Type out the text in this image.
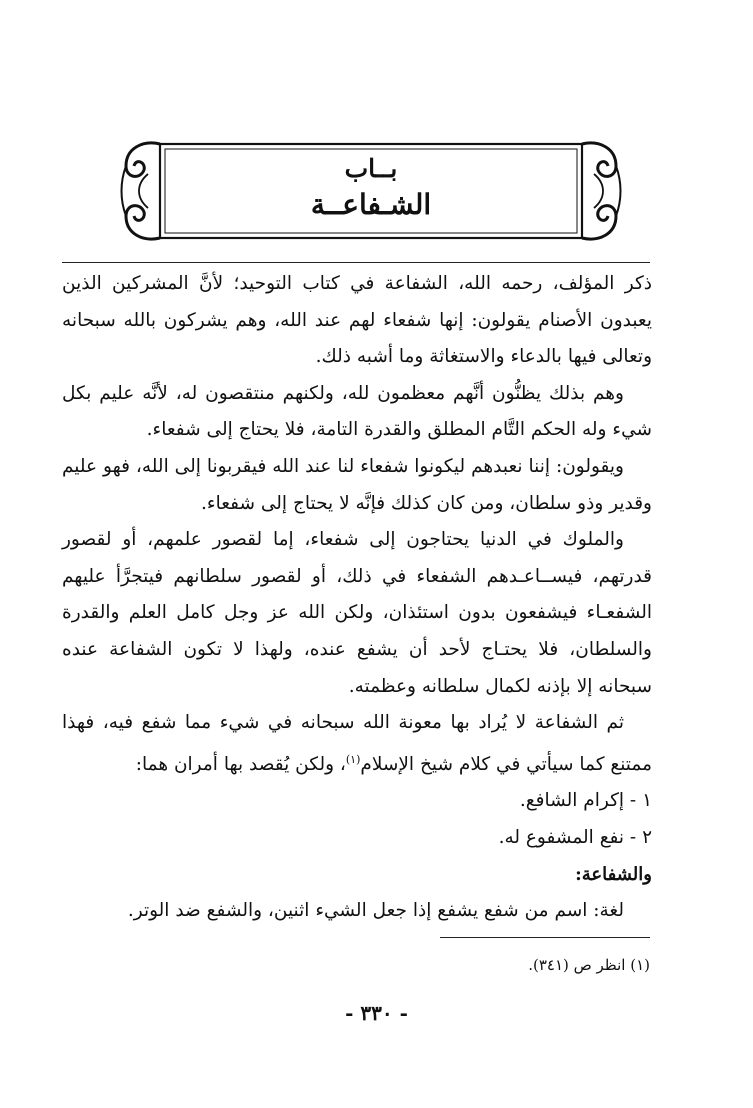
بــاب
الشـفاعــة

ذكر المؤلف، رحمه الله، الشفاعة في كتاب التوحيد؛ لأنَّ المشركين الذين يعبدون الأصنام يقولون: إنها شفعاء لهم عند الله، وهم يشركون بالله سبحانه وتعالى فيها بالدعاء والاستغاثة وما أشبه ذلك.

وهم بذلك يظنُّون أنَّهم معظمون لله، ولكنهم منتقصون له، لأنَّه عليم بكل شيء وله الحكم التَّام المطلق والقدرة التامة، فلا يحتاج إلى شفعاء.

ويقولون: إننا نعبدهم ليكونوا شفعاء لنا عند الله فيقربونا إلى الله، فهو عليم وقدير وذو سلطان، ومن كان كذلك فإنَّه لا يحتاج إلى شفعاء.

والملوك في الدنيا يحتاجون إلى شفعاء، إما لقصور علمهم، أو لقصور قدرتهم، فيســاعـدهم الشفعاء في ذلك، أو لقصور سلطانهم فيتجرَّأ عليهم الشفعـاء فيشفعون بدون استئذان، ولكن الله عز وجل كامل العلم والقدرة والسلطان، فلا يحتـاج لأحد أن يشفع عنده، ولهذا لا تكون الشفاعة عنده سبحانه إلا بإذنه لكمال سلطانه وعظمته.

ثم الشفاعة لا يُراد بها معونة الله سبحانه في شيء مما شفع فيه، فهذا ممتنع كما سيأتي في كلام شيخ الإسلام$^{(١)}$، ولكن يُقصد بها أمران هما:

١ - إكرام الشافع.

٢ - نفع المشفوع له.

والشفاعة:

لغة: اسم من شفع يشفع إذا جعل الشيء اثنين، والشفع ضد الوتر.

(١) انظر ص (٣٤١).
- ٣٣٠ -
